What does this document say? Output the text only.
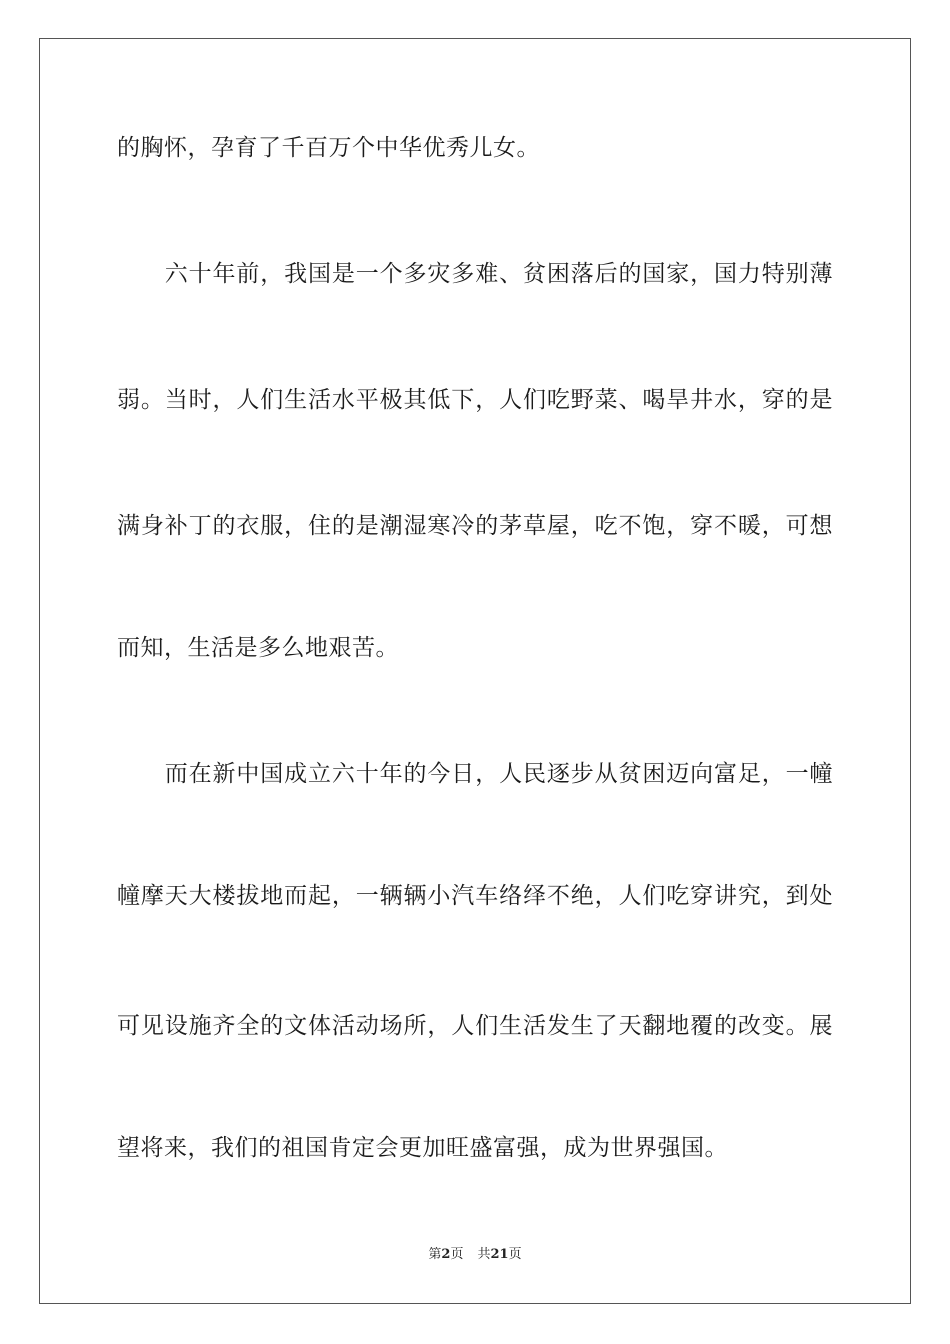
的胸怀，孕育了千百万个中华优秀儿女。
　　六十年前，我国是一个多灾多难、贫困落后的国家，国力特别薄
弱。当时，人们生活水平极其低下，人们吃野菜、喝旱井水，穿的是
满身补丁的衣服，住的是潮湿寒冷的茅草屋，吃不饱，穿不暖，可想
而知，生活是多么地艰苦。
　　而在新中国成立六十年的今日，人民逐步从贫困迈向富足，一幢
幢摩天大楼拔地而起，一辆辆小汽车络绎不绝，人们吃穿讲究，到处
可见设施齐全的文体活动场所，人们生活发生了天翻地覆的改变。展
望将来，我们的祖国肯定会更加旺盛富强，成为世界强国。
第2页 共21页
